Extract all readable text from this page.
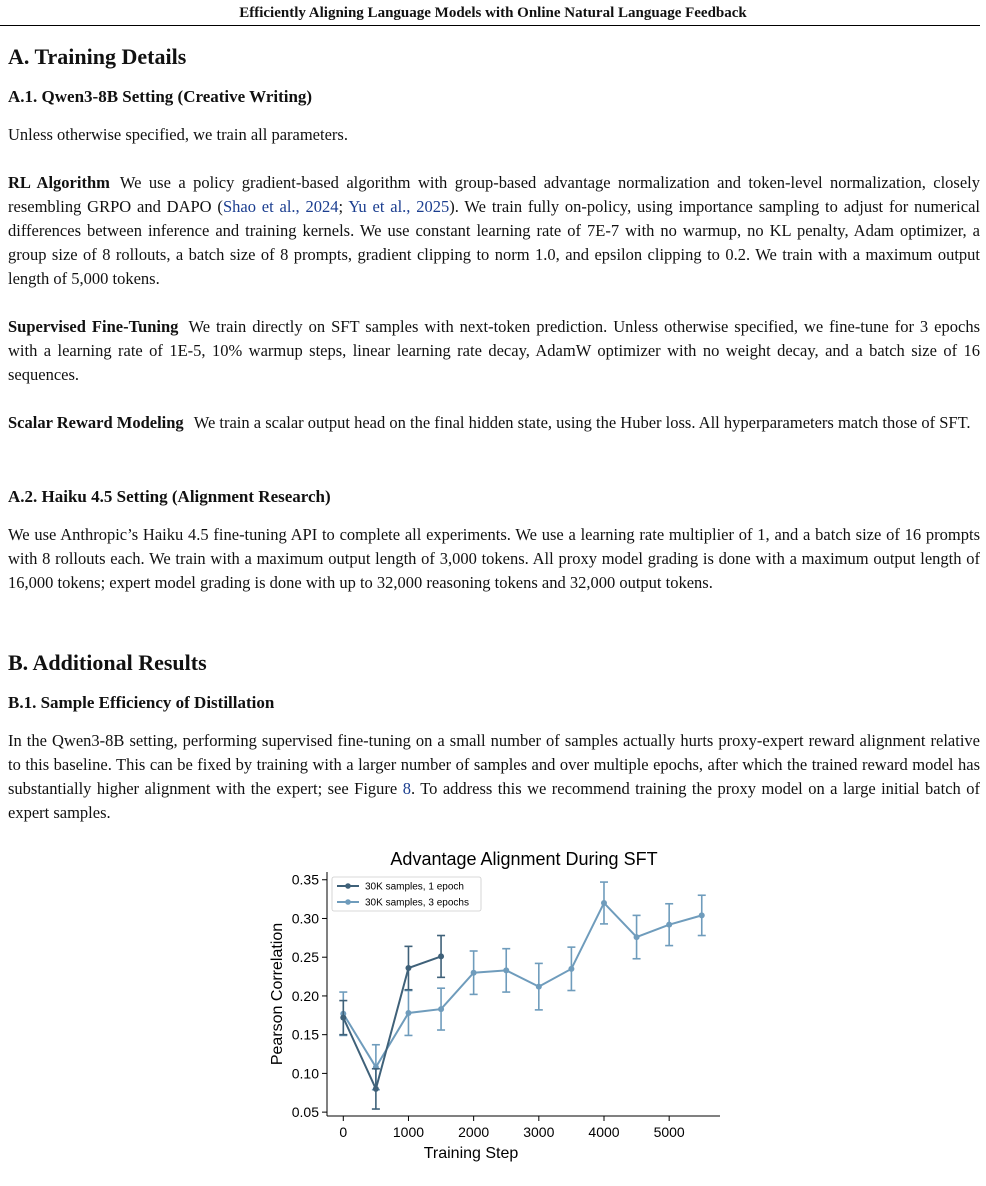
Efficiently Aligning Language Models with Online Natural Language Feedback
A. Training Details
A.1. Qwen3-8B Setting (Creative Writing)

Unless otherwise specified, we train all parameters.

RL Algorithm We use a policy gradient-based algorithm with group-based advantage normalization and token-level normalization, closely resembling GRPO and DAPO (Shao et al., 2024; Yu et al., 2025). We train fully on-policy, using importance sampling to adjust for numerical differences between inference and training kernels. We use constant learning rate of 7E-7 with no warmup, no KL penalty, Adam optimizer, a group size of 8 rollouts, a batch size of 8 prompts, gradient clipping to norm 1.0, and epsilon clipping to 0.2. We train with a maximum output length of 5,000 tokens.

Supervised Fine-Tuning We train directly on SFT samples with next-token prediction. Unless otherwise specified, we fine-tune for 3 epochs with a learning rate of 1E-5, 10% warmup steps, linear learning rate decay, AdamW optimizer with no weight decay, and a batch size of 16 sequences.

Scalar Reward Modeling We train a scalar output head on the final hidden state, using the Huber loss. All hyperparameters match those of SFT.

A.2. Haiku 4.5 Setting (Alignment Research)

We use Anthropic’s Haiku 4.5 fine-tuning API to complete all experiments. We use a learning rate multiplier of 1, and a batch size of 16 prompts with 8 rollouts each. We train with a maximum output length of 3,000 tokens. All proxy model grading is done with a maximum output length of 16,000 tokens; expert model grading is done with up to 32,000 reasoning tokens and 32,000 output tokens.

B. Additional Results
B.1. Sample Efficiency of Distillation

In the Qwen3-8B setting, performing supervised fine-tuning on a small number of samples actually hurts proxy-expert reward alignment relative to this baseline. This can be fixed by training with a larger number of samples and over multiple epochs, after which the trained reward model has substantially higher alignment with the expert; see Figure 8. To address this we recommend training the proxy model on a large initial batch of expert samples.

Advantage Alignment During SFT
0.05
0.10
0.15
0.20
0.25
0.30
0.35
0	1000 2000 3000 4000 5000
Training Step
Pearson Correlation
30K samples, 1 epoch
30K samples, 3 epochs
